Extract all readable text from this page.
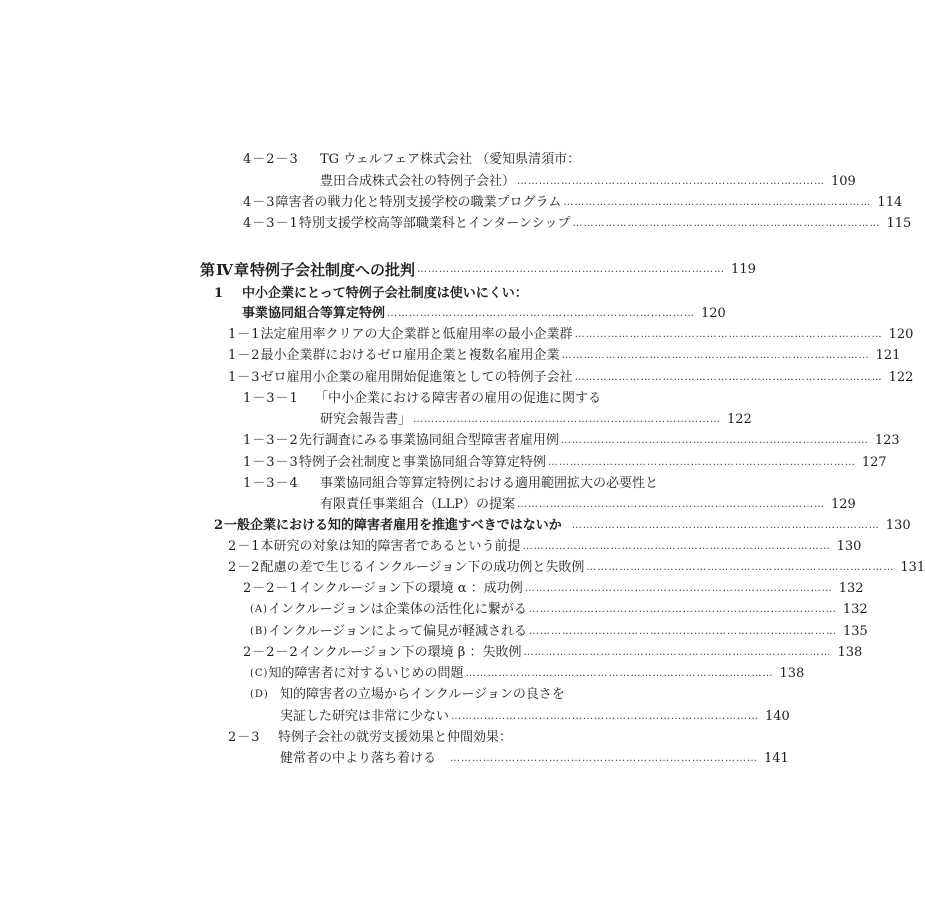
4－2－3	TG ウェルフェア株式会社 （愛知県清須市：
豊田合成株式会社の特例子会社） ………………………………………………………………………… 109
4－3 障害者の戦力化と特別支援学校の職業プログラム ………………………………………………………………………… 114
4－3－1 特別支援学校高等部職業科とインターンシップ ………………………………………………………………………… 115
第Ⅳ章 特例子会社制度への批判 ………………………………………………………………………… 119
1	中小企業にとって特例子会社制度は使いにくい：
事業協同組合等算定特例 ………………………………………………………………………… 120
1－1 法定雇用率クリアの大企業群と低雇用率の最小企業群 ………………………………………………………………………… 120
1－2 最小企業群におけるゼロ雇用企業と複数名雇用企業 ………………………………………………………………………… 121
1－3 ゼロ雇用小企業の雇用開始促進策としての特例子会社 ………………………………………………………………………… 122
1－3－1	「中小企業における障害者の雇用の促進に関する
研究会報告書」 ………………………………………………………………………… 122
1－3－2 先行調査にみる事業協同組合型障害者雇用例 ………………………………………………………………………… 123
1－3－3 特例子会社制度と事業協同組合等算定特例 ………………………………………………………………………… 127
1－3－4	事業協同組合等算定特例における適用範囲拡大の必要性と
有限責任事業組合（LLP）の提案 ………………………………………………………………………… 129
2 一般企業における知的障害者雇用を推進すべきではないか ………………………………………………………………………… 130
2－1 本研究の対象は知的障害者であるという前提 ………………………………………………………………………… 130
2－2 配慮の差で生じるインクルージョン下の成功例と失敗例 ………………………………………………………………………… 131
2－2－1 インクルージョン下の環境 α ：成功例 ………………………………………………………………………… 132
(A) インクルージョンは企業体の活性化に繋がる ………………………………………………………………………… 132
(B) インクルージョンによって偏見が軽減される ………………………………………………………………………… 135
2－2－2 インクルージョン下の環境 β ：失敗例 ………………………………………………………………………… 138
(C) 知的障害者に対するいじめの問題 ………………………………………………………………………… 138
(D) 知的障害者の立場からインクルージョンの良さを
実証した研究は非常に少ない ………………………………………………………………………… 140
2－3	特例子会社の就労支援効果と仲間効果：
健常者の中より落ち着ける ………………………………………………………………………… 141
